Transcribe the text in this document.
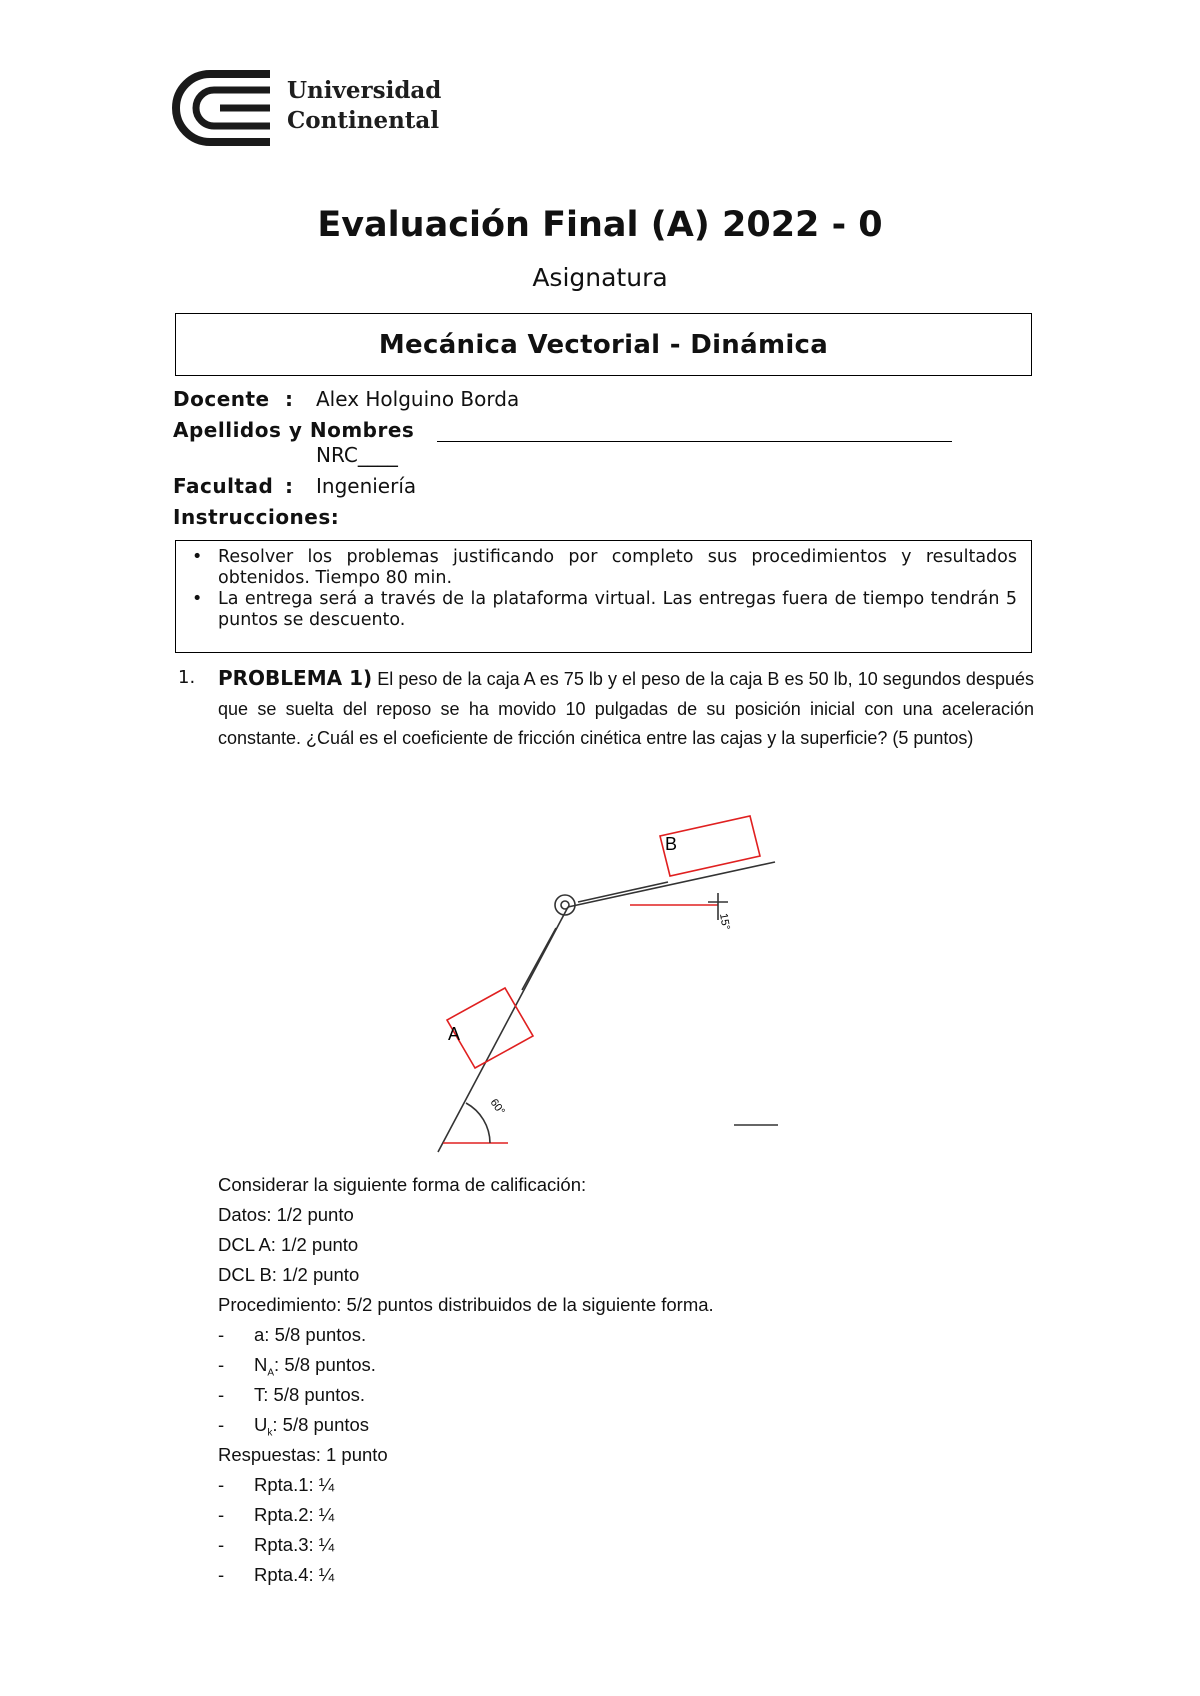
Universidad
Continental
Evaluación Final (A) 2022 - 0
Asignatura
Mecánica Vectorial - Dinámica
Docente : Alex Holguino Borda
Apellidos y Nombres
NRC____
Facultad : Ingeniería
Instrucciones:
• Resolver los problemas justificando por completo sus procedimientos y resultados obtenidos. Tiempo 80 min.
• La entrega será a través de la plataforma virtual. Las entregas fuera de tiempo tendrán 5 puntos se descuento.
1. PROBLEMA 1) El peso de la caja A es 75 lb y el peso de la caja B es 50 lb, 10 segundos después que se suelta del reposo se ha movido 10 pulgadas de su posición inicial con una aceleración constante. ¿Cuál es el coeficiente de fricción cinética entre las cajas y la superficie? (5 puntos)
A
B
15°
60°
Considerar la siguiente forma de calificación:
Datos: 1/2 punto
DCL A: 1/2 punto
DCL B: 1/2 punto
Procedimiento: 5/2 puntos distribuidos de la siguiente forma.
- a: 5/8 puntos.
- $N_A$: 5/8 puntos.
- T: 5/8 puntos.
- $U_k$: 5/8 puntos
Respuestas: 1 punto
- Rpta.1: ¼
- Rpta.2: ¼
- Rpta.3: ¼
- Rpta.4: ¼
